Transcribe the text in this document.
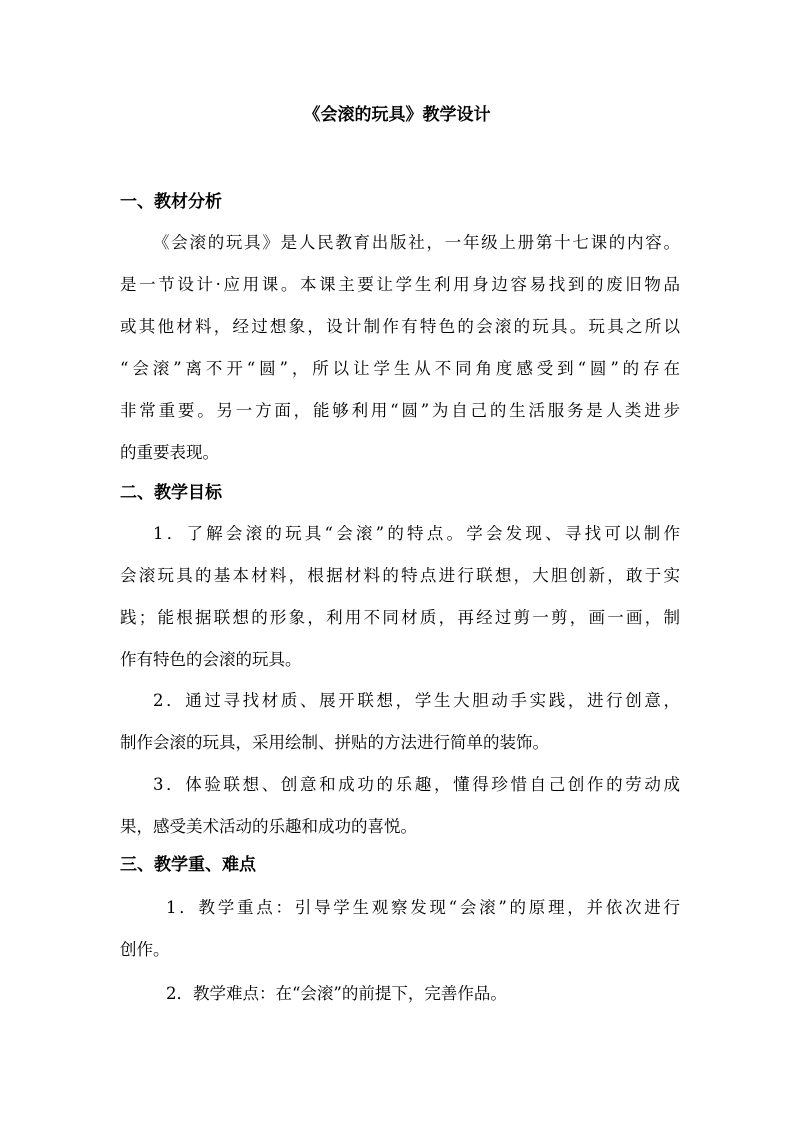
《会滚的玩具》教学设计
一、教材分析
《会滚的玩具》是人民教育出版社，一年级上册第十七课的内容。
是一节设计·应用课。本课主要让学生利用身边容易找到的废旧物品
或其他材料，经过想象，设计制作有特色的会滚的玩具。玩具之所以
“会滚”离不开“圆”，所以让学生从不同角度感受到“圆”的存在
非常重要。另一方面，能够利用“圆”为自己的生活服务是人类进步
的重要表现。
二、教学目标
1．了解会滚的玩具“会滚”的特点。学会发现、寻找可以制作
会滚玩具的基本材料，根据材料的特点进行联想，大胆创新，敢于实
践；能根据联想的形象，利用不同材质，再经过剪一剪，画一画，制
作有特色的会滚的玩具。
2．通过寻找材质、展开联想，学生大胆动手实践，进行创意，
制作会滚的玩具，采用绘制、拼贴的方法进行简单的装饰。
3．体验联想、创意和成功的乐趣，懂得珍惜自己创作的劳动成
果，感受美术活动的乐趣和成功的喜悦。
三、教学重、难点
1．教学重点：引导学生观察发现“会滚”的原理，并依次进行
创作。
2．教学难点：在“会滚”的前提下，完善作品。
